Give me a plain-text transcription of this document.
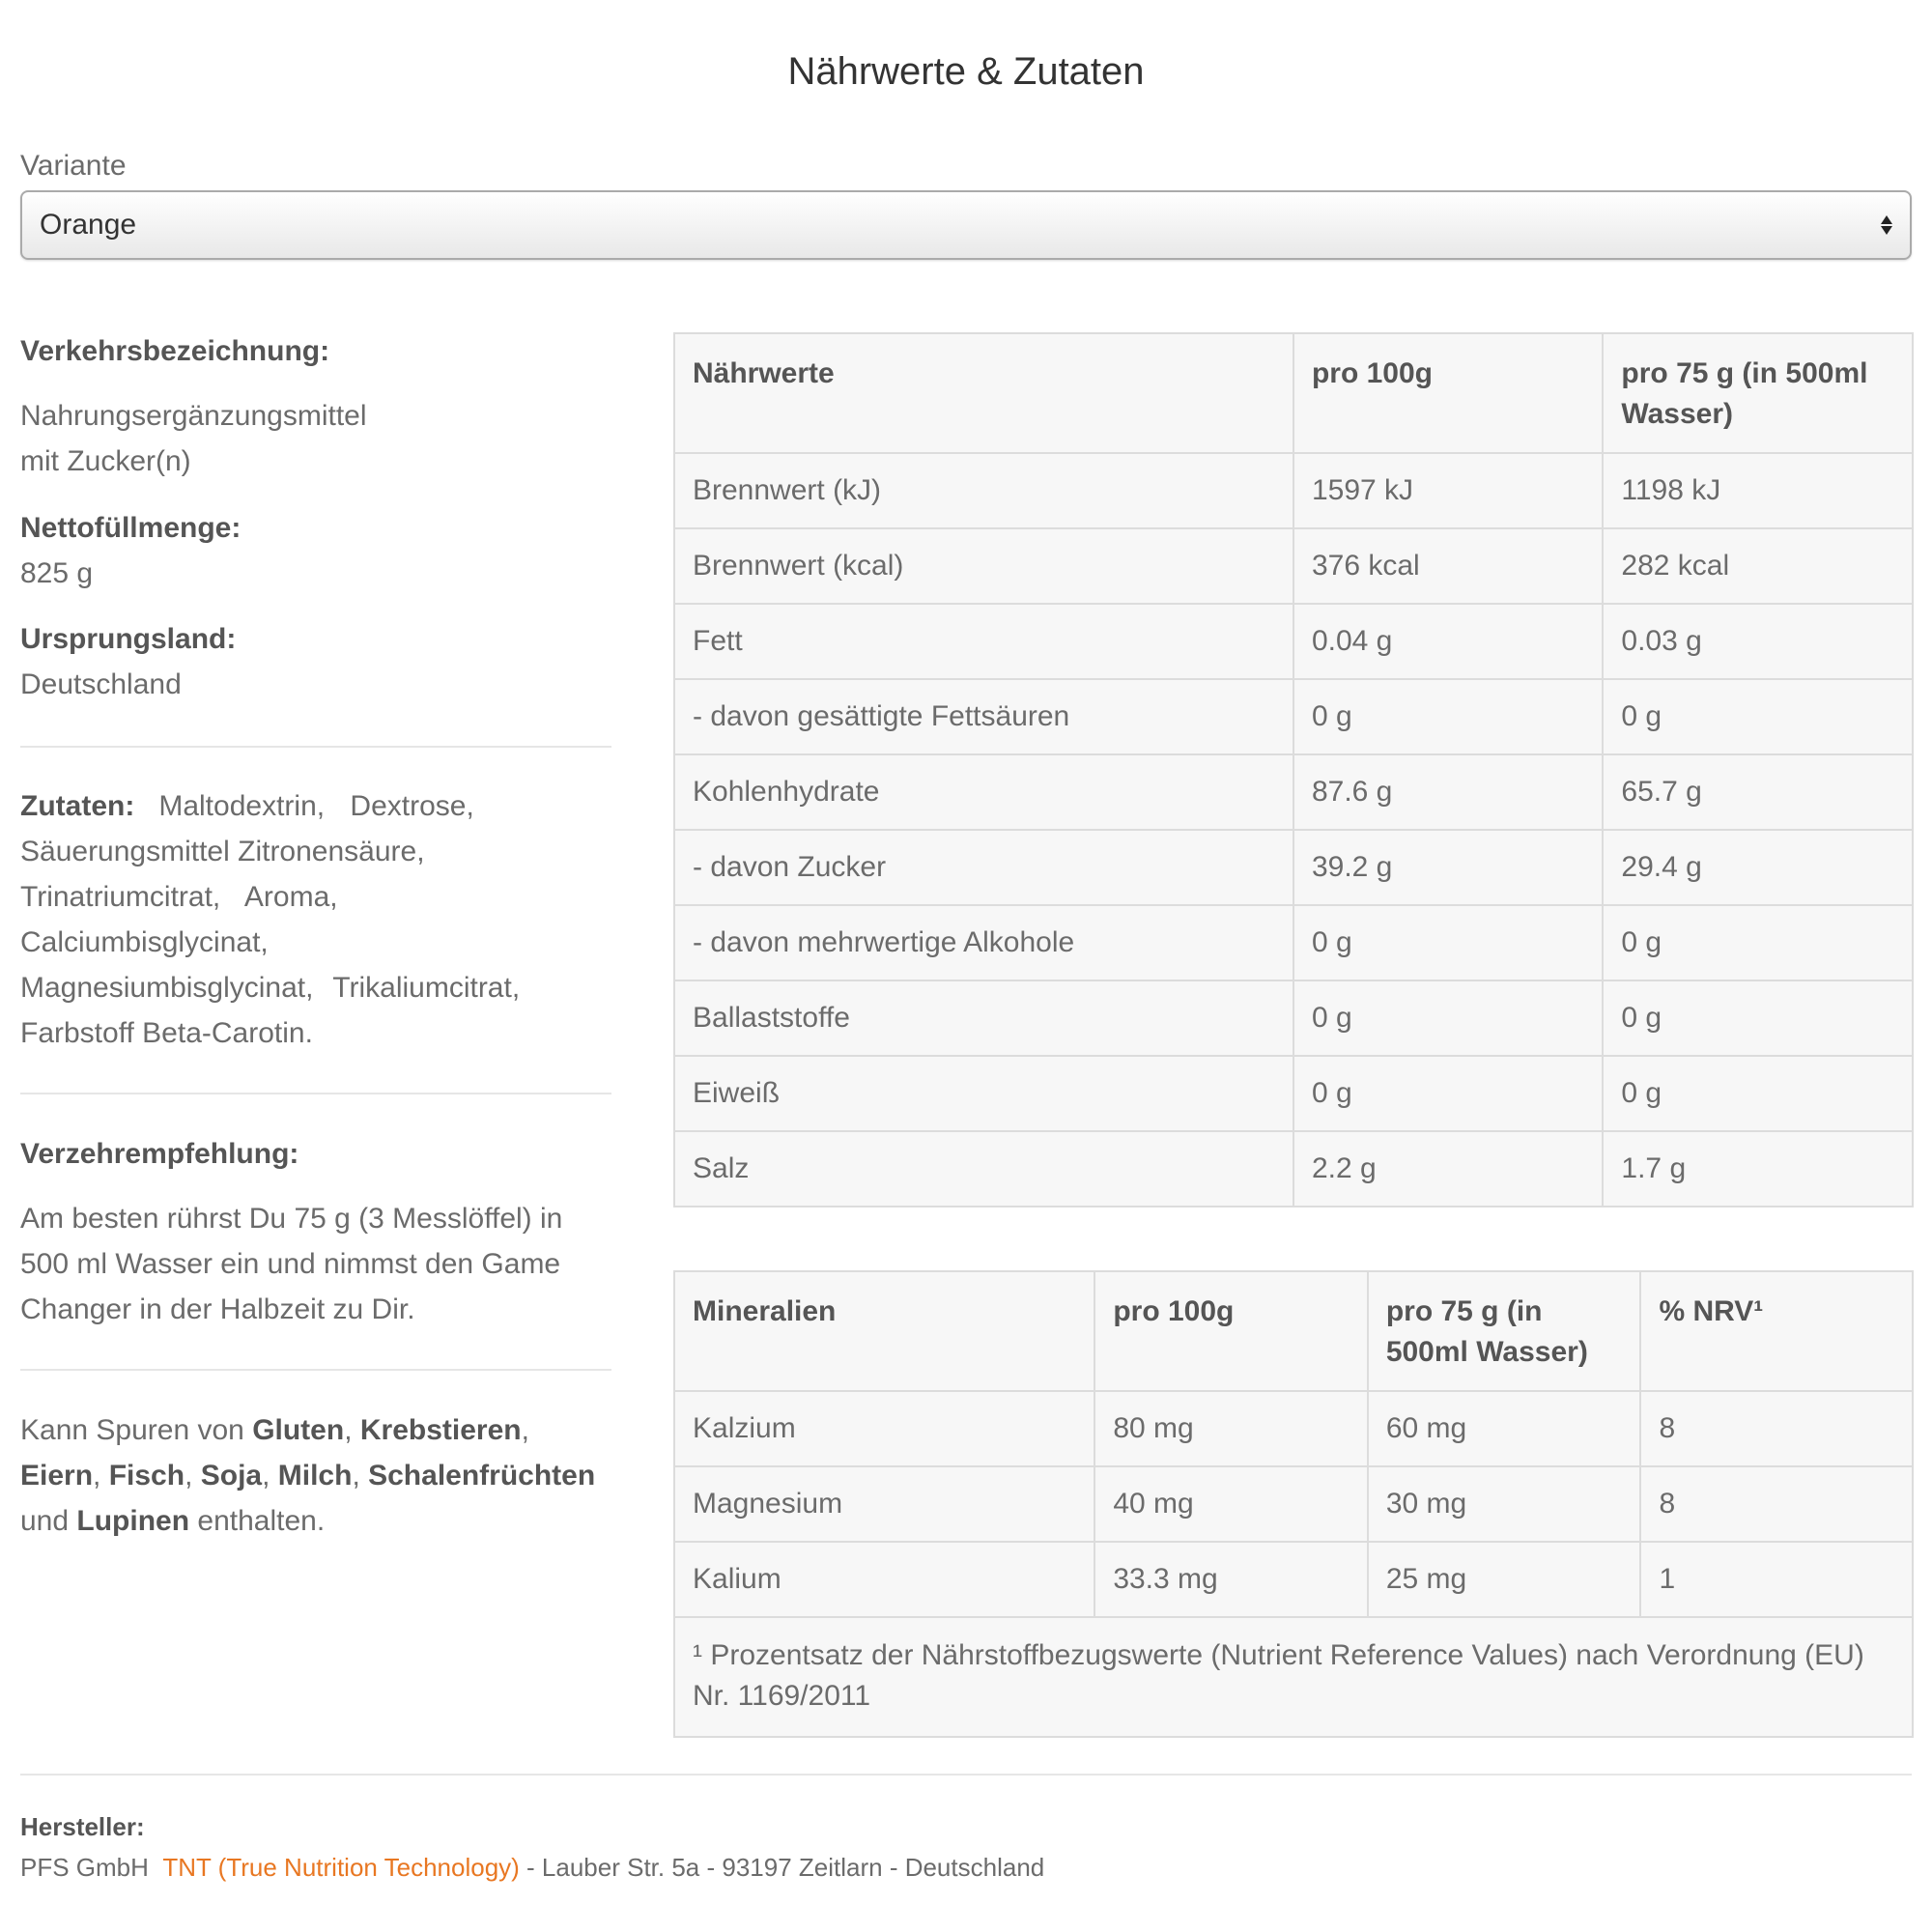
Nährwerte & Zutaten
Variante
Orange
Verkehrsbezeichnung:
Nahrungsergänzungsmittel
mit Zucker(n)
Nettofüllmenge:
825 g
Ursprungsland:
Deutschland
Zutaten: Maltodextrin, Dextrose,
Säuerungsmittel Zitronensäure,
Trinatriumcitrat, Aroma,
Calciumbisglycinat,
Magnesiumbisglycinat, Trikaliumcitrat,
Farbstoff Beta-Carotin.
Verzehrempfehlung:
Am besten rührst Du 75 g (3 Messlöffel) in
500 ml Wasser ein und nimmst den Game
Changer in der Halbzeit zu Dir.
Kann Spuren von Gluten, Krebstieren,
Eiern, Fisch, Soja, Milch, Schalenfrüchten
und Lupinen enthalten.
Nährwerte	pro 100g	pro 75 g (in 500ml Wasser)
Brennwert (kJ)	1597 kJ	1198 kJ
Brennwert (kcal)	376 kcal	282 kcal
Fett	0.04 g	0.03 g
- davon gesättigte Fettsäuren	0 g	0 g
Kohlenhydrate	87.6 g	65.7 g
- davon Zucker	39.2 g	29.4 g
- davon mehrwertige Alkohole	0 g	0 g
Ballaststoffe	0 g	0 g
Eiweiß	0 g	0 g
Salz	2.2 g	1.7 g
Mineralien	pro 100g	pro 75 g (in 500ml Wasser)	% NRV¹
Kalzium	80 mg	60 mg	8
Magnesium	40 mg	30 mg	8
Kalium	33.3 mg	25 mg	1
¹ Prozentsatz der Nährstoffbezugswerte (Nutrient Reference Values) nach Verordnung (EU) Nr. 1169/2011			
Hersteller:
PFS GmbH TNT (True Nutrition Technology) - Lauber Str. 5a - 93197 Zeitlarn - Deutschland
